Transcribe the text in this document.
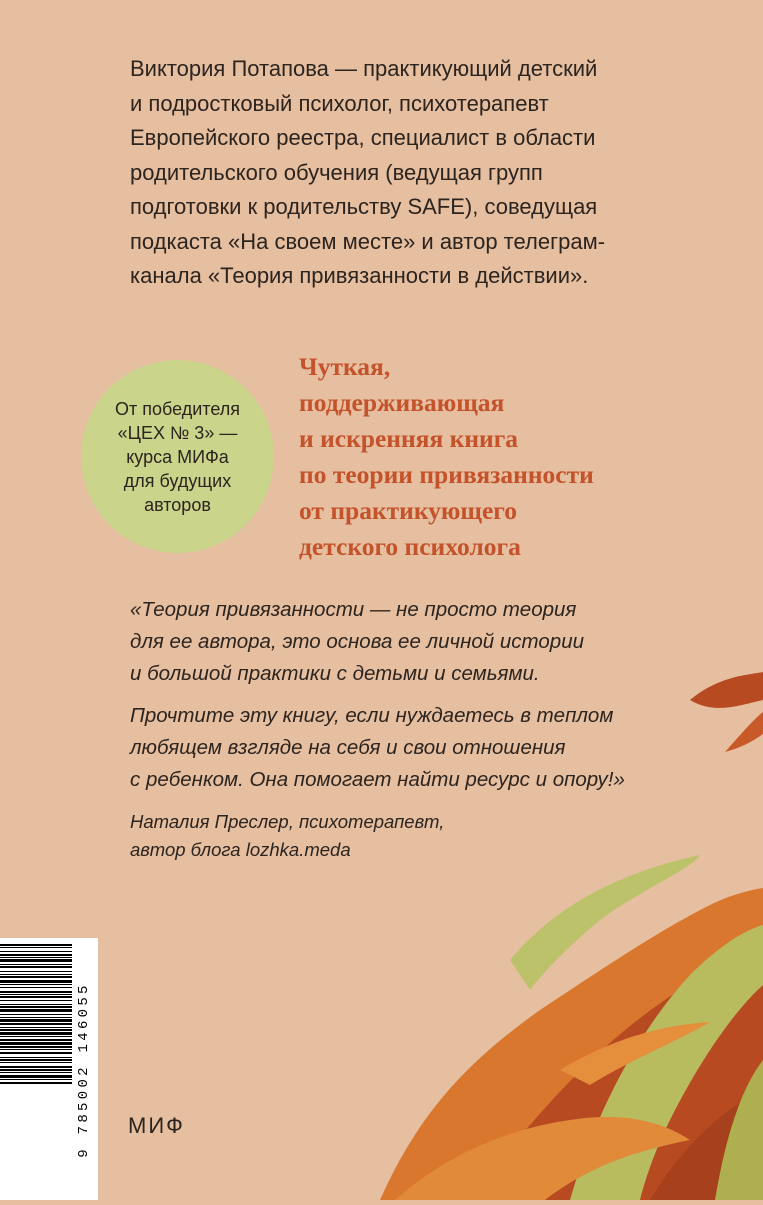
Виктория Потапова — практикующий детский
и подростковый психолог, психотерапевт
Европейского реестра, специалист в области
родительского обучения (ведущая групп
подготовки к родительству SAFE), соведущая
подкаста «На своем месте» и автор телеграм-
канала «Теория привязанности в действии».
От победителя
«ЦЕХ № 3» —
курса МИФа
для будущих
авторов
Чуткая,
поддерживающая
и искренняя книга
по теории привязанности
от практикующего
детского психолога
«Теория привязанности — не просто теория
для ее автора, это основа ее личной истории
и большой практики с детьми и семьями.
Прочтите эту книгу, если нуждаетесь в теплом
любящем взгляде на себя и свои отношения
с ребенком. Она помогает найти ресурс и опору!»
Наталия Преслер, психотерапевт,
автор блога lozhka.meda
9 785002 146055 МИФ
